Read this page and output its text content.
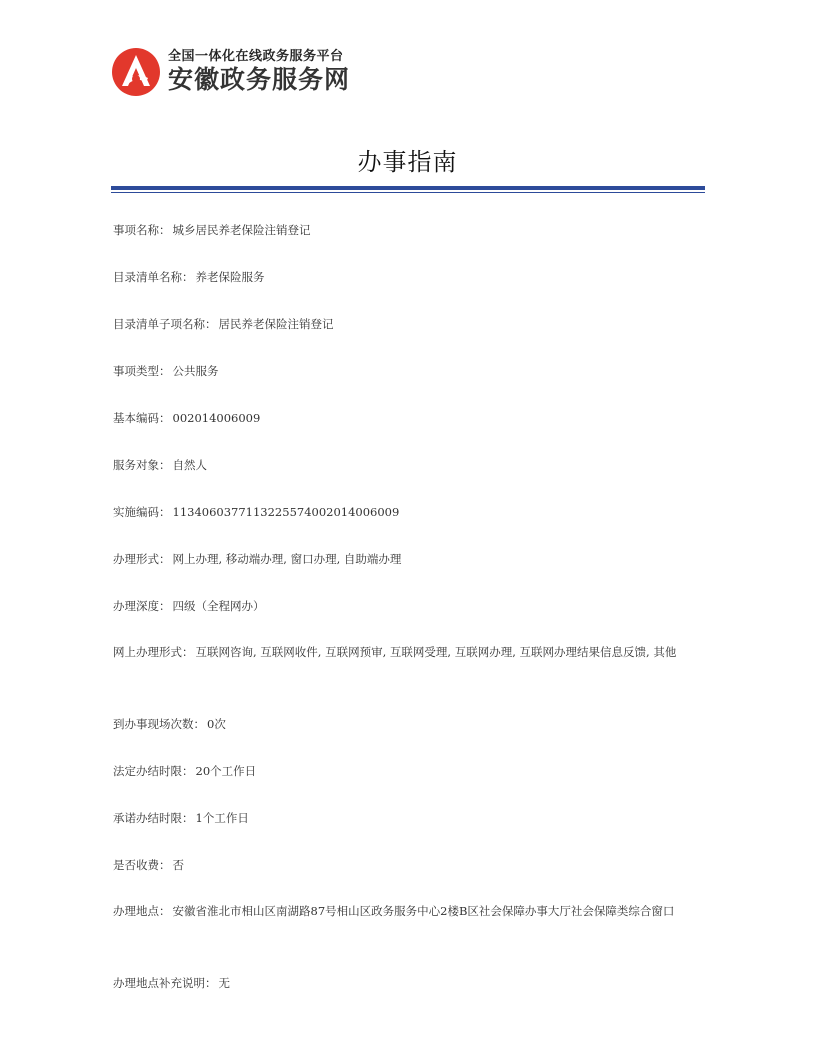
全国一体化在线政务服务平台
安徽政务服务网
办事指南

事项名称： 城乡居民养老保险注销登记

目录清单名称： 养老保险服务

目录清单子项名称： 居民养老保险注销登记

事项类型： 公共服务

基本编码： 002014006009

服务对象： 自然人

实施编码： 113406037711322557400201400600​9

办理形式： 网上办理, 移动端办理, 窗口办理, 自助端办理

办理深度： 四级（全程网办）

网上办理形式： 互联网咨询, 互联网收件, 互联网预审, 互联网受理, 互联网办理, 互联网办理结果信息反馈, 其他

到办事现场次数： 0次

法定办结时限： 20个工作日

承诺办结时限： 1个工作日

是否收费： 否

办理地点： 安徽省淮北市相山区南湖路87号相山区政务服务中心2楼B区社会保障办事大厅社会保障类综合窗口

办理地点补充说明： 无
